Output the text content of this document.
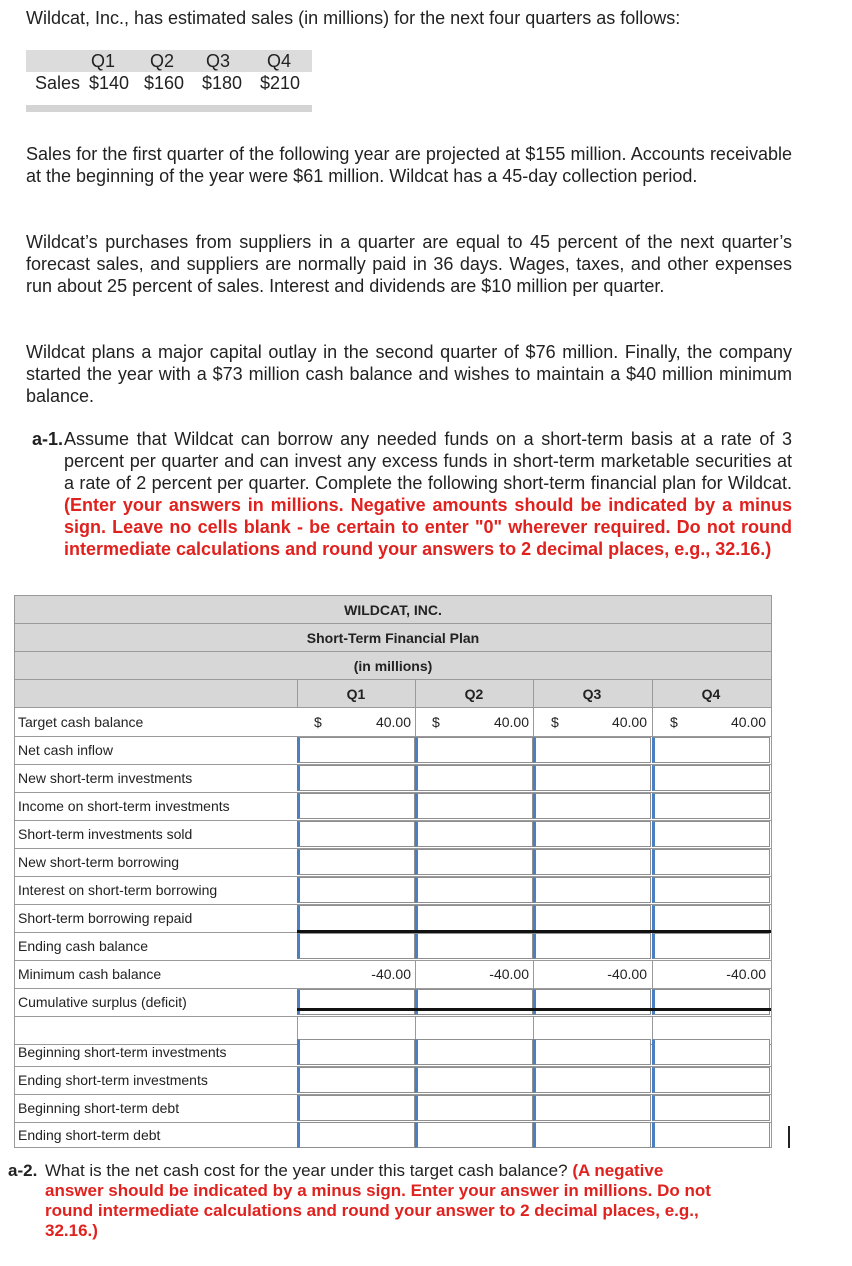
Wildcat, Inc., has estimated sales (in millions) for the next four quarters as follows:
Q1 Q2 Q3 Q4
Sales $140 $160 $180 $210
Sales for the first quarter of the following year are projected at $155 million. Accounts receivable at the beginning of the year were $61 million. Wildcat has a 45-day collection period.
Wildcat’s purchases from suppliers in a quarter are equal to 45 percent of the next quarter’s forecast sales, and suppliers are normally paid in 36 days. Wages, taxes, and other expenses run about 25 percent of sales. Interest and dividends are $10 million per quarter.
Wildcat plans a major capital outlay in the second quarter of $76 million. Finally, the company started the year with a $73 million cash balance and wishes to maintain a $40 million minimum balance.
a-1. Assume that Wildcat can borrow any needed funds on a short-term basis at a rate of 3 percent per quarter and can invest any excess funds in short-term marketable securities at a rate of 2 percent per quarter. Complete the following short-term financial plan for Wildcat. (Enter your answers in millions. Negative amounts should be indicated by a minus sign. Leave no cells blank - be certain to enter "0" wherever required. Do not round intermediate calculations and round your answers to 2 decimal places, e.g., 32.16.)
WILDCAT, INC.
Short-Term Financial Plan
(in millions)
Q1	Q2	Q3	Q4
Target cash balance	$	40.00 $	40.00 $	40.00 $	40.00
Net cash inflow
New short-term investments
Income on short-term investments
Short-term investments sold
New short-term borrowing
Interest on short-term borrowing
Short-term borrowing repaid
Ending cash balance
Minimum cash balance	-40.00	-40.00	-40.00	-40.00
Cumulative surplus (deficit)
Beginning short-term investments
Ending short-term investments
Beginning short-term debt
Ending short-term debt
a-2. What is the net cash cost for the year under this target cash balance? (A negative answer should be indicated by a minus sign. Enter your answer in millions. Do not round intermediate calculations and round your answer to 2 decimal places, e.g., 32.16.)
